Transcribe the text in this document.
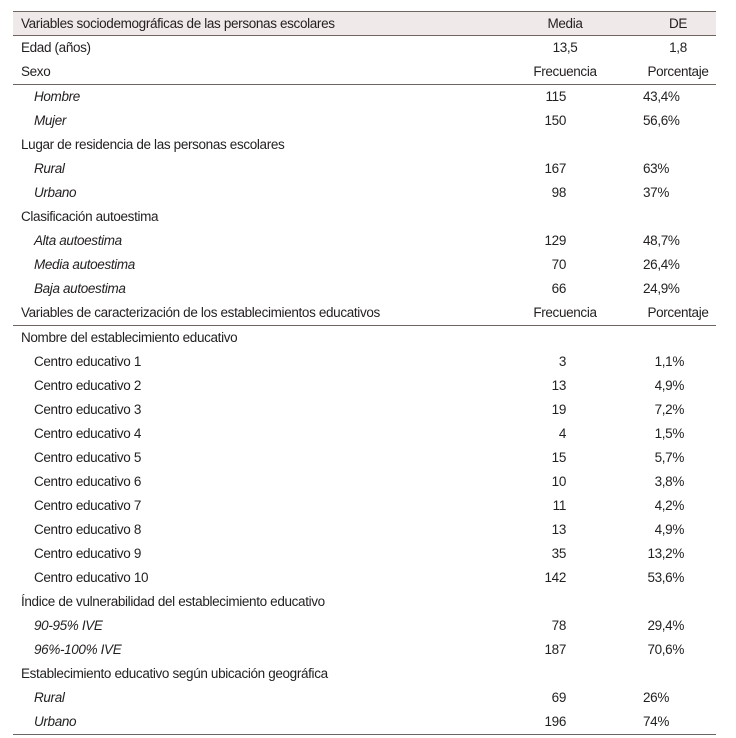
Variables sociodemográficas de las personas escolares	Media	DE
Edad (años)	13,5	1,8
Sexo	Frecuencia	Porcentaje
Hombre	115	43,4%
Mujer	150	56,6%
Lugar de residencia de las personas escolares
Rural	167	63%
Urbano	98	37%
Clasificación autoestima
Alta autoestima	129	48,7%
Media autoestima	70	26,4%
Baja autoestima	66	24,9%
Variables de caracterización de los establecimientos educativos	Frecuencia	Porcentaje
Nombre del establecimiento educativo
Centro educativo 1	3	1,1%
Centro educativo 2	13	4,9%
Centro educativo 3	19	7,2%
Centro educativo 4	4	1,5%
Centro educativo 5	15	5,7%
Centro educativo 6	10	3,8%
Centro educativo 7	11	4,2%
Centro educativo 8	13	4,9%
Centro educativo 9	35	13,2%
Centro educativo 10	142	53,6%
Índice de vulnerabilidad del establecimiento educativo
90-95% IVE	78	29,4%
96%-100% IVE	187	70,6%
Establecimiento educativo según ubicación geográfica
Rural	69	26%
Urbano	196	74%
